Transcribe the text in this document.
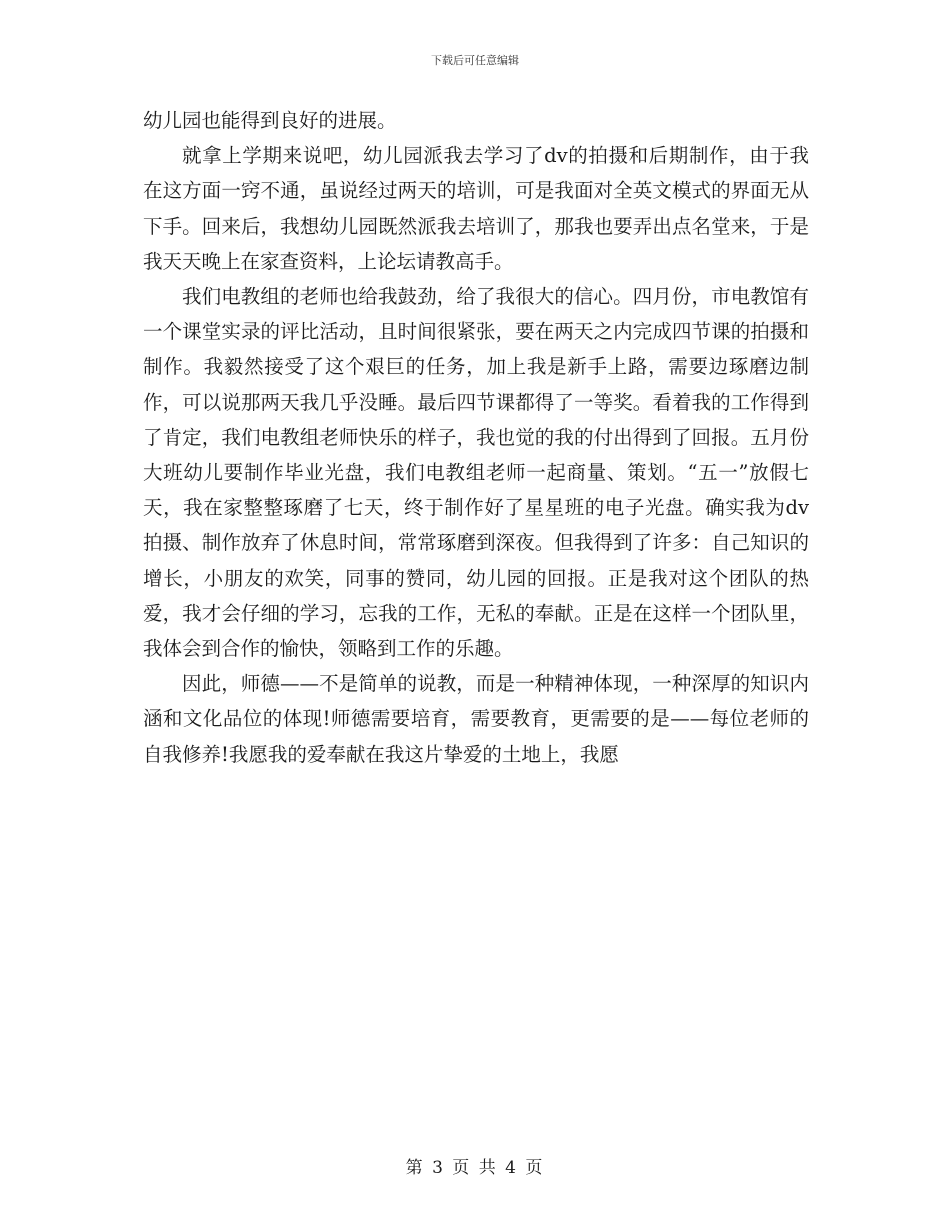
下载后可任意编辑

幼儿园也能得到良好的进展。

就拿上学期来说吧，幼儿园派我去学习了dv的拍摄和后期制作，由于我在这方面一窍不通，虽说经过两天的培训，可是我面对全英文模式的界面无从下手。回来后，我想幼儿园既然派我去培训了，那我也要弄出点名堂来，于是我天天晚上在家查资料，上论坛请教高手。

我们电教组的老师也给我鼓劲，给了我很大的信心。四月份，市电教馆有一个课堂实录的评比活动，且时间很紧张，要在两天之内完成四节课的拍摄和制作。我毅然接受了这个艰巨的任务，加上我是新手上路，需要边琢磨边制作，可以说那两天我几乎没睡。最后四节课都得了一等奖。看着我的工作得到了肯定，我们电教组老师快乐的样子，我也觉的我的付出得到了回报。五月份大班幼儿要制作毕业光盘，我们电教组老师一起商量、策划。“五一”放假七天，我在家整整琢磨了七天，终于制作好了星星班的电子光盘。确实我为dv拍摄、制作放弃了休息时间，常常琢磨到深夜。但我得到了许多：自己知识的增长，小朋友的欢笑，同事的赞同，幼儿园的回报。正是我对这个团队的热爱，我才会仔细的学习，忘我的工作，无私的奉献。正是在这样一个团队里，我体会到合作的愉快，领略到工作的乐趣。

因此，师德——不是简单的说教，而是一种精神体现，一种深厚的知识内涵和文化品位的体现!师德需要培育，需要教育，更需要的是——每位老师的自我修养!我愿我的爱奉献在我这片挚爱的土地上，我愿

第 3 页 共 4 页
